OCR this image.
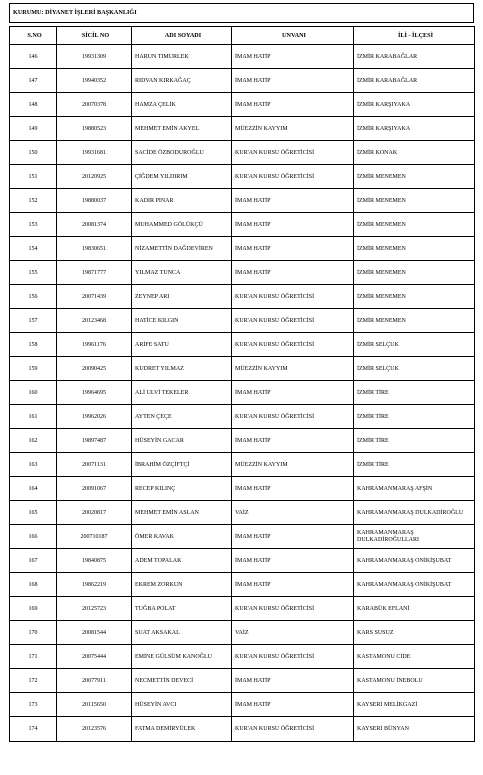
KURUMU: DİYANET İŞLERİ BAŞKANLIĞI
S.NO	SİCİL NO	ADI SOYADI	UNVANI	İLİ - İLÇESİ
146	19931309	HARUN TIMURLEK	İMAM HATİP	İZMİR KARABAĞLAR
147	19940352	RIDVAN KIRKAĞAÇ	İMAM HATİP	İZMİR KARABAĞLAR
148	20070378	HAMZA ÇELİK	İMAM HATİP	İZMİR KARŞIYAKA
149	19880523	MEHMET EMİN AKYEL	MÜEZZİN KAYYIM	İZMİR KARŞIYAKA
150	19931681	SACİDE ÖZBODUROĞLU	KUR'AN KURSU ÖĞRETİCİSİ	İZMİR KONAK
151	20120925	ÇİĞDEM YILDIRIM	KUR'AN KURSU ÖĞRETİCİSİ	İZMİR MENEMEN
152	19880037	KADIR PINAR	İMAM HATİP	İZMİR MENEMEN
153	20081374	MUHAMMED GÖLÜKÇÜ	İMAM HATİP	İZMİR MENEMEN
154	19830651	NİZAMETTİN DAĞDEVİREN	İMAM HATİP	İZMİR MENEMEN
155	19871777	YILMAZ TUNCA	İMAM HATİP	İZMİR MENEMEN
156	20071439	ZEYNEP ARI	KUR'AN KURSU ÖĞRETİCİSİ	İZMİR MENEMEN
157	20123468	HATİCE KILGIN	KUR'AN KURSU ÖĞRETİCİSİ	İZMİR MENEMEN
158	19961176	ARİFE SATU	KUR'AN KURSU ÖĞRETİCİSİ	İZMİR SELÇUK
159	20090425	KUDRET YILMAZ	MÜEZZİN KAYYIM	İZMİR SELÇUK
160	19964695	ALİ ULVİ TEKELER	İMAM HATİP	İZMİR TİRE
161	19962026	AYTEN ÇEÇE	KUR'AN KURSU ÖĞRETİCİSİ	İZMİR TİRE
162	19897487	HÜSEYİN GACAR	İMAM HATİP	İZMİR TİRE
163	20071131	İBRAHİM ÖZÇİFTÇİ	MÜEZZİN KAYYIM	İZMİR TİRE
164	20091067	RECEP KILINÇ	İMAM HATİP	KAHRAMANMARAŞ AFŞİN
165	20020817	MEHMET EMİN ASLAN	VAİZ	KAHRAMANMARAŞ DULKADİROĞLU
166	200710187	ÖMER KAVAK	İMAM HATİP	KAHRAMANMARAŞ DULKADİROĞULLARI
167	19840875	ADEM TOPALAK	İMAM HATİP	KAHRAMANMARAŞ ONİKİŞUBAT
168	19862219	EKREM ZORKUN	İMAM HATİP	KAHRAMANMARAŞ ONİKİŞUBAT
169	20125723	TUĞBA POLAT	KUR'AN KURSU ÖĞRETİCİSİ	KARABÜK EFLANİ
170	20081544	SUAT AKSAKAL	VAİZ	KARS SUSUZ
171	20075444	EMİNE GÜLSÜM KANOĞLU	KUR'AN KURSU ÖĞRETİCİSİ	KASTAMONU CİDE
172	20077911	NECMETTİN DEVECİ	İMAM HATİP	KASTAMONU İNEBOLU
173	20115650	HÜSEYİN AVCI	İMAM HATİP	KAYSERİ MELİKGAZİ
174	20123576	FATMA DEMİRYÜLEK	KUR'AN KURSU ÖĞRETİCİSİ	KAYSERİ BÜNYAN
